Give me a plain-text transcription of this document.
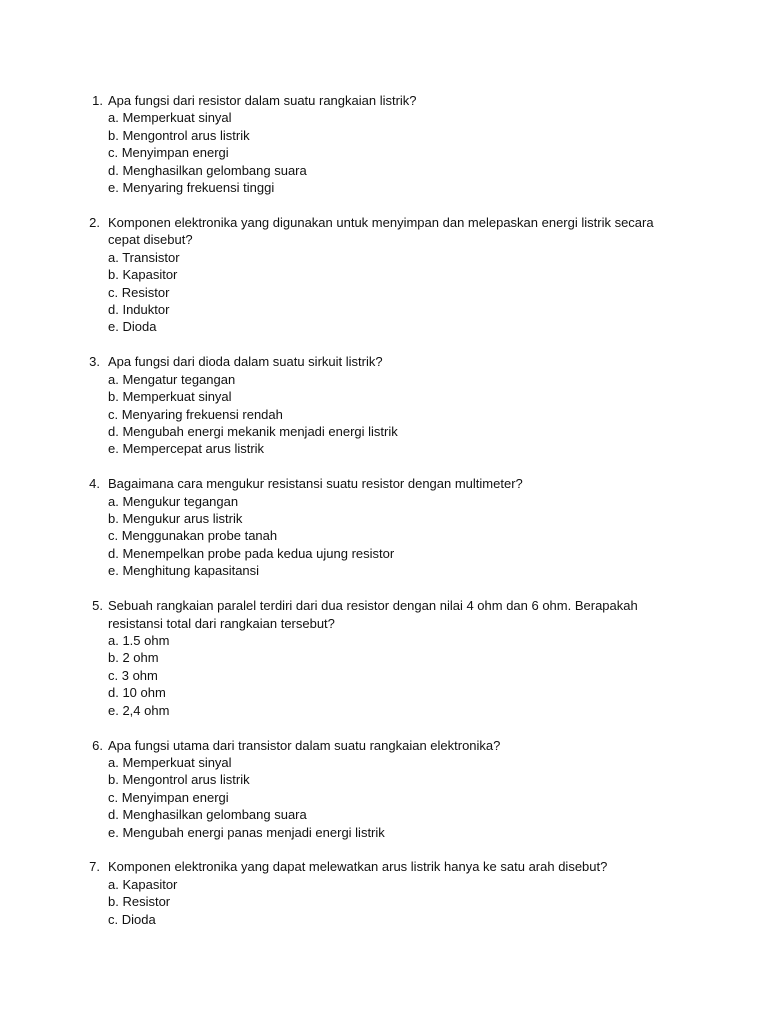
1. Apa fungsi dari resistor dalam suatu rangkaian listrik?
a. Memperkuat sinyal
b. Mengontrol arus listrik
c. Menyimpan energi
d. Menghasilkan gelombang suara
e. Menyaring frekuensi tinggi
2. Komponen elektronika yang digunakan untuk menyimpan dan melepaskan energi listrik secara cepat disebut?
a. Transistor
b. Kapasitor
c. Resistor
d. Induktor
e. Dioda
3. Apa fungsi dari dioda dalam suatu sirkuit listrik?
a. Mengatur tegangan
b. Memperkuat sinyal
c. Menyaring frekuensi rendah
d. Mengubah energi mekanik menjadi energi listrik
e. Mempercepat arus listrik
4. Bagaimana cara mengukur resistansi suatu resistor dengan multimeter?
a. Mengukur tegangan
b. Mengukur arus listrik
c. Menggunakan probe tanah
d. Menempelkan probe pada kedua ujung resistor
e. Menghitung kapasitansi
5. Sebuah rangkaian paralel terdiri dari dua resistor dengan nilai 4 ohm dan 6 ohm. Berapakah resistansi total dari rangkaian tersebut?
a. 1.5 ohm
b. 2 ohm
c. 3 ohm
d. 10 ohm
e. 2,4 ohm
6. Apa fungsi utama dari transistor dalam suatu rangkaian elektronika?
a. Memperkuat sinyal
b. Mengontrol arus listrik
c. Menyimpan energi
d. Menghasilkan gelombang suara
e. Mengubah energi panas menjadi energi listrik
7. Komponen elektronika yang dapat melewatkan arus listrik hanya ke satu arah disebut?
a. Kapasitor
b. Resistor
c. Dioda
